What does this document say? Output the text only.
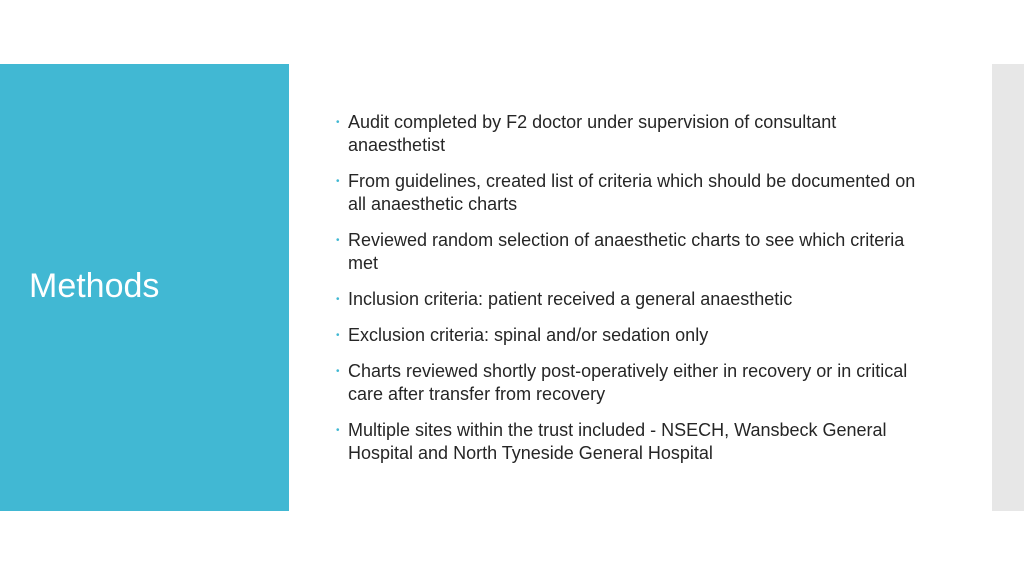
Methods
• Audit completed by F2 doctor under supervision of consultant anaesthetist
• From guidelines, created list of criteria which should be documented on all anaesthetic charts
• Reviewed random selection of anaesthetic charts to see which criteria met
• Inclusion criteria: patient received a general anaesthetic
• Exclusion criteria: spinal and/or sedation only
• Charts reviewed shortly post-operatively either in recovery or in critical care after transfer from recovery
• Multiple sites within the trust included - NSECH, Wansbeck General Hospital and North Tyneside General Hospital
